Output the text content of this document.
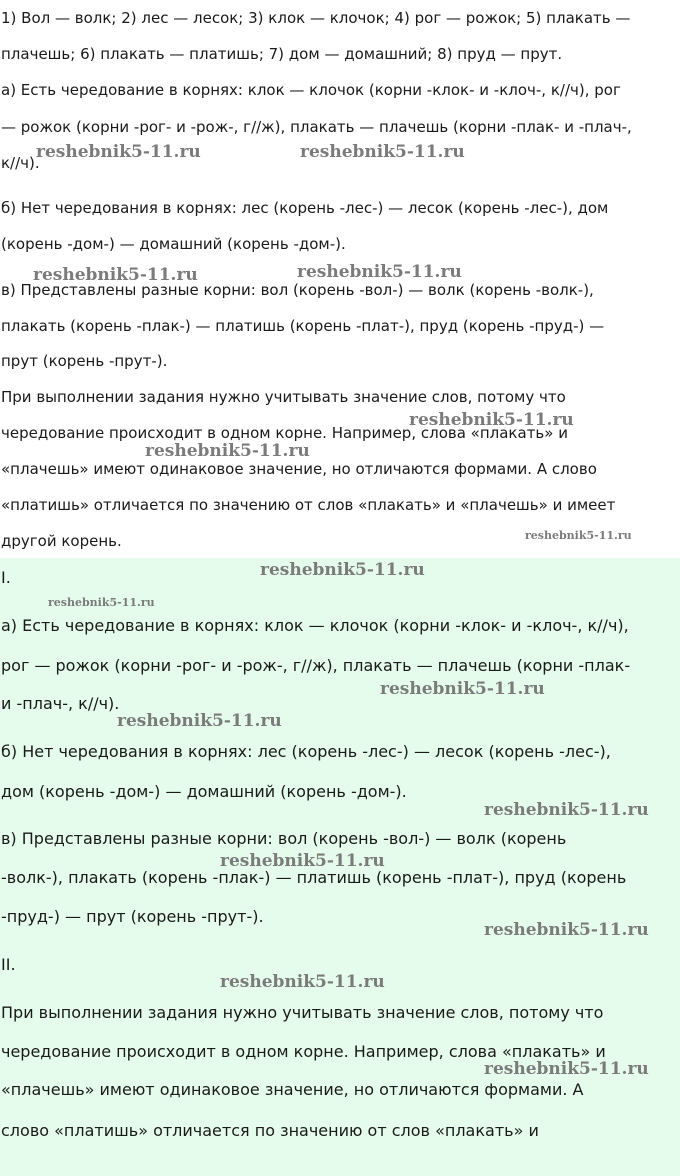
1) Вол — волк; 2) лес — лесок; 3) клок — клочок; 4) рог — рожок; 5) плакать —
плачешь; 6) плакать — платишь; 7) дом — домашний; 8) пруд — прут.
а) Есть чередование в корнях: клок — клочок (корни -клок- и -клоч-, к//ч), рог
— рожок (корни -рог- и -рож-, г//ж), плакать — плачешь (корни -плак- и -плач-,
к//ч).
б) Нет чередования в корнях: лес (корень -лес-) — лесок (корень -лес-), дом
(корень -дом-) — домашний (корень -дом-).
в) Представлены разные корни: вол (корень -вол-) — волк (корень -волк-),
плакать (корень -плак-) — платишь (корень -плат-), пруд (корень -пруд-) —
прут (корень -прут-).
При выполнении задания нужно учитывать значение слов, потому что
чередование происходит в одном корне. Например, слова «плакать» и
«плачешь» имеют одинаковое значение, но отличаются формами. А слово
«платишь» отличается по значению от слов «плакать» и «плачешь» и имеет
другой корень.
reshebnik5-11.ru	reshebnik5-11.ru
reshebnik5-11.ru	reshebnik5-11.ru
reshebnik5-11.ru
reshebnik5-11.ru
reshebnik5-11.ru
I.
а) Есть чередование в корнях: клок — клочок (корни -клок- и -клоч-, к//ч),
рог — рожок (корни -рог- и -рож-, г//ж), плакать — плачешь (корни -плак-
и -плач-, к//ч).
б) Нет чередования в корнях: лес (корень -лес-) — лесок (корень -лес-),
дом (корень -дом-) — домашний (корень -дом-).
в) Представлены разные корни: вол (корень -вол-) — волк (корень
-волк-), плакать (корень -плак-) — платишь (корень -плат-), пруд (корень
-пруд-) — прут (корень -прут-).
II.
При выполнении задания нужно учитывать значение слов, потому что
чередование происходит в одном корне. Например, слова «плакать» и
«плачешь» имеют одинаковое значение, но отличаются формами. А
слово «платишь» отличается по значению от слов «плакать» и
reshebnik5-11.ru
reshebnik5-11.ru
reshebnik5-11.ru
reshebnik5-11.ru
reshebnik5-11.ru
reshebnik5-11.ru
reshebnik5-11.ru
reshebnik5-11.ru
reshebnik5-11.ru
